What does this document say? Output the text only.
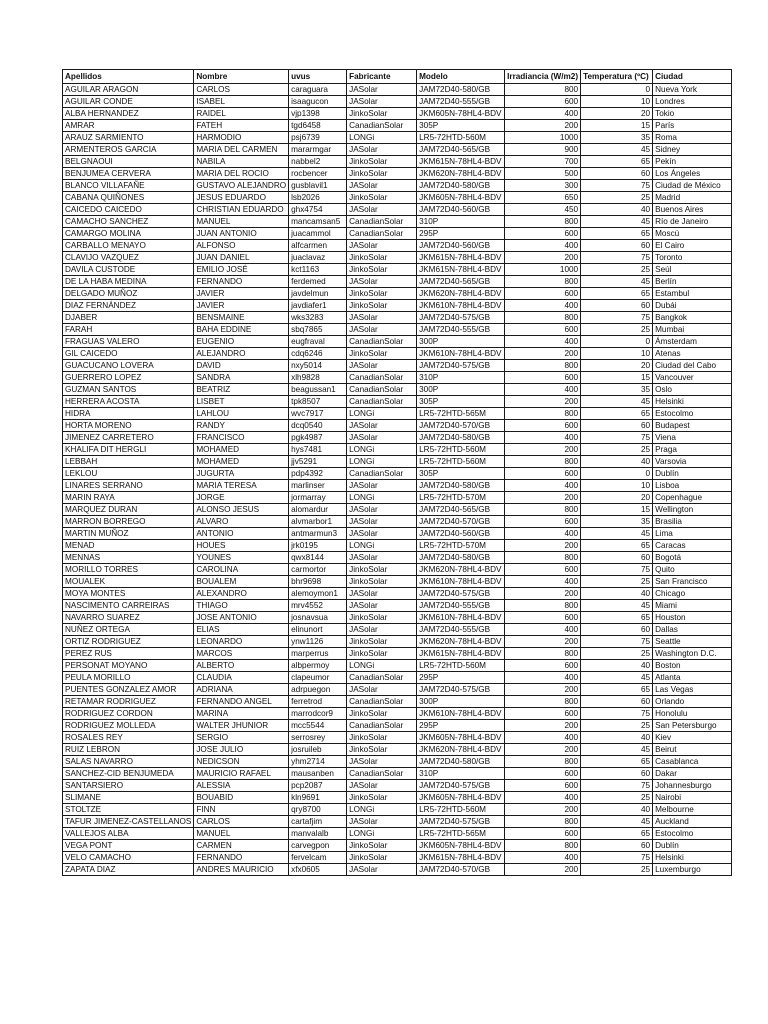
Apellidos	Nombre	uvus	Fabricante	Modelo	Irradiancia (W/m2)	Temperatura (ºC)	Ciudad
AGUILAR ARAGON	CARLOS	caraguara	JASolar	JAM72D40-580/GB	800	0	Nueva York
AGUILAR CONDE	ISABEL	isaagucon	JASolar	JAM72D40-555/GB	600	10	Londres
ALBA HERNANDEZ	RAIDEL	vjp1398	JinkoSolar	JKM605N-78HL4-BDV	400	20	Tokio
AMRAR	FATEH	tgd6458	CanadianSolar	305P	200	15	París
ARAUZ SARMIENTO	HARMODIO	psj6739	LONGi	LR5-72HTD-560M	1000	35	Roma
ARMENTEROS GARCIA	MARIA DEL CARMEN	mararmgar	JASolar	JAM72D40-565/GB	900	45	Sidney
BELGNAOUI	NABILA	nabbel2	JinkoSolar	JKM615N-78HL4-BDV	700	65	Pekín
BENJUMEA CERVERA	MARIA DEL ROCIO	rocbencer	JinkoSolar	JKM620N-78HL4-BDV	500	60	Los Ángeles
BLANCO VILLAFAÑE	GUSTAVO ALEJANDRO	gusblavil1	JASolar	JAM72D40-580/GB	300	75	Ciudad de México
CABANA QUIÑONES	JESUS EDUARDO	lsb2026	JinkoSolar	JKM605N-78HL4-BDV	650	25	Madrid
CAICEDO CAICEDO	CHRISTIAN EDUARDO	ghx4754	JASolar	JAM72D40-560/GB	450	40	Buenos Aires
CAMACHO SANCHEZ	MANUEL	mancamsan5	CanadianSolar	310P	800	45	Río de Janeiro
CAMARGO MOLINA	JUAN ANTONIO	juacammol	CanadianSolar	295P	600	65	Moscú
CARBALLO MENAYO	ALFONSO	alfcarmen	JASolar	JAM72D40-560/GB	400	60	El Cairo
CLAVIJO VAZQUEZ	JUAN DANIEL	juaclavaz	JinkoSolar	JKM615N-78HL4-BDV	200	75	Toronto
DAVILA CUSTODE	EMILIO JOSÉ	kct1163	JinkoSolar	JKM615N-78HL4-BDV	1000	25	Seúl
DE LA HABA MEDINA	FERNANDO	ferdemed	JASolar	JAM72D40-565/GB	800	45	Berlín
DELGADO MUÑOZ	JAVIER	javdelmun	JinkoSolar	JKM620N-78HL4-BDV	600	65	Estambul
DIAZ FERNÁNDEZ	JAVIER	javdiafer1	JinkoSolar	JKM610N-78HL4-BDV	400	60	Dubái
DJABER	BENSMAINE	wks3283	JASolar	JAM72D40-575/GB	800	75	Bangkok
FARAH	BAHA EDDINE	sbq7865	JASolar	JAM72D40-555/GB	600	25	Mumbai
FRAGUAS VALERO	EUGENIO	eugfraval	CanadianSolar	300P	400	0	Ámsterdam
GIL CAICEDO	ALEJANDRO	cdq6246	JinkoSolar	JKM610N-78HL4-BDV	200	10	Atenas
GUACUCANO LOVERA	DAVID	nxy5014	JASolar	JAM72D40-575/GB	800	20	Ciudad del Cabo
GUERRERO LOPEZ	SANDRA	xlh9828	CanadianSolar	310P	600	15	Vancouver
GUZMAN SANTOS	BEATRIZ	beagussan1	CanadianSolar	300P	400	35	Oslo
HERRERA ACOSTA	LISBET	tpk8507	CanadianSolar	305P	200	45	Helsinki
HIDRA	LAHLOU	wvc7917	LONGi	LR5-72HTD-565M	800	65	Estocolmo
HORTA MORENO	RANDY	dcq0540	JASolar	JAM72D40-570/GB	600	60	Budapest
JIMENEZ CARRETERO	FRANCISCO	pgk4987	JASolar	JAM72D40-580/GB	400	75	Viena
KHALIFA DIT HERGLI	MOHAMED	hys7481	LONGi	LR5-72HTD-560M	200	25	Praga
LEBBAH	MOHAMED	jjv5291	LONGi	LR5-72HTD-560M	800	40	Varsovia
LEKLOU	JUGURTA	pdp4392	CanadianSolar	305P	600	0	Dublín
LINARES SERRANO	MARIA TERESA	marlinser	JASolar	JAM72D40-580/GB	400	10	Lisboa
MARIN RAYA	JORGE	jormarray	LONGi	LR5-72HTD-570M	200	20	Copenhague
MARQUEZ DURAN	ALONSO JESUS	alomardur	JASolar	JAM72D40-565/GB	800	15	Wellington
MARRON BORREGO	ALVARO	alvmarbor1	JASolar	JAM72D40-570/GB	600	35	Brasilia
MARTIN MUÑOZ	ANTONIO	antmarmun3	JASolar	JAM72D40-560/GB	400	45	Lima
MENAD	HOUES	jrk0195	LONGi	LR5-72HTD-570M	200	65	Caracas
MENNAS	YOUNES	qwx8144	JASolar	JAM72D40-580/GB	800	60	Bogotá
MORILLO TORRES	CAROLINA	carmortor	JinkoSolar	JKM620N-78HL4-BDV	600	75	Quito
MOUALEK	BOUALEM	bhr9698	JinkoSolar	JKM610N-78HL4-BDV	400	25	San Francisco
MOYA MONTES	ALEXANDRO	alemoymon1	JASolar	JAM72D40-575/GB	200	40	Chicago
NASCIMENTO CARREIRAS	THIAGO	mrv4552	JASolar	JAM72D40-555/GB	800	45	Miami
NAVARRO SUAREZ	JOSE ANTONIO	josnavsua	JinkoSolar	JKM610N-78HL4-BDV	600	65	Houston
NUÑEZ ORTEGA	ELIAS	elinunort	JASolar	JAM72D40-555/GB	400	60	Dallas
ORTIZ RODRIGUEZ	LEONARDO	ynw1126	JinkoSolar	JKM620N-78HL4-BDV	200	75	Seattle
PEREZ RUS	MARCOS	marperrus	JinkoSolar	JKM615N-78HL4-BDV	800	25	Washington D.C.
PERSONAT MOYANO	ALBERTO	albpermoy	LONGi	LR5-72HTD-560M	600	40	Boston
PEULA MORILLO	CLAUDIA	clapeumor	CanadianSolar	295P	400	45	Atlanta
PUENTES GONZALEZ AMOR	ADRIANA	adrpuegon	JASolar	JAM72D40-575/GB	200	65	Las Vegas
RETAMAR RODRIGUEZ	FERNANDO ANGEL	ferretrod	CanadianSolar	300P	800	60	Orlando
RODRIGUEZ CORDON	MARINA	marrodcor9	JinkoSolar	JKM610N-78HL4-BDV	600	75	Honolulu
RODRIGUEZ MOLLEDA	WALTER JHUNIOR	mcc5544	CanadianSolar	295P	200	25	San Petersburgo
ROSALES REY	SERGIO	serrosrey	JinkoSolar	JKM605N-78HL4-BDV	400	40	Kiev
RUIZ LEBRON	JOSE JULIO	josruileb	JinkoSolar	JKM620N-78HL4-BDV	200	45	Beirut
SALAS NAVARRO	NEDICSON	yhm2714	JASolar	JAM72D40-580/GB	800	65	Casablanca
SANCHEZ-CID BENJUMEDA	MAURICIO RAFAEL	mausanben	CanadianSolar	310P	600	60	Dakar
SANTARSIERO	ALESSIA	pcp2087	JASolar	JAM72D40-575/GB	600	75	Johannesburgo
SLIMANE	BOUABID	kln9691	JinkoSolar	JKM605N-78HL4-BDV	400	25	Nairobi
STOLTZE	FINN	qry8700	LONGi	LR5-72HTD-560M	200	40	Melbourne
TAFUR JIMENEZ-CASTELLANOS	CARLOS	cartafjim	JASolar	JAM72D40-575/GB	800	45	Auckland
VALLEJOS ALBA	MANUEL	manvalalb	LONGi	LR5-72HTD-565M	600	65	Estocolmo
VEGA PONT	CARMEN	carvegpon	JinkoSolar	JKM605N-78HL4-BDV	800	60	Dublín
VELO CAMACHO	FERNANDO	fervelcam	JinkoSolar	JKM615N-78HL4-BDV	400	75	Helsinki
ZAPATA DIAZ	ANDRES MAURICIO	xfx0605	JASolar	JAM72D40-570/GB	200	25	Luxemburgo
